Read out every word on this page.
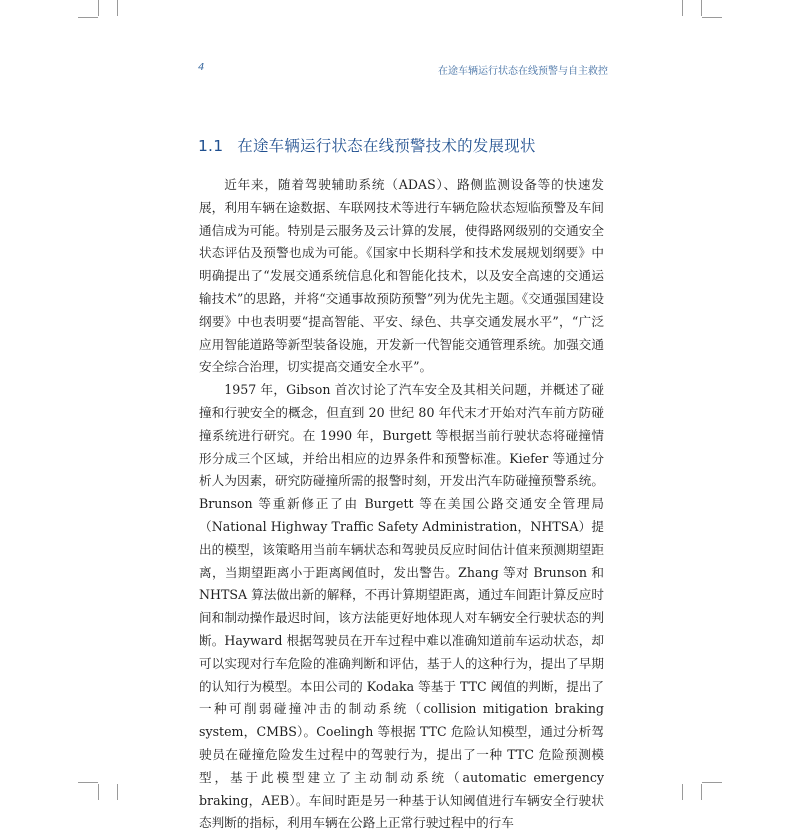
4	在途车辆运行状态在线预警与自主救控
1.1 在途车辆运行状态在线预警技术的发展现状

近年来，随着驾驶辅助系统（ADAS）、路侧监测设备等的快速发展，利用车辆在途数据、车联网技术等进行车辆危险状态短临预警及车间通信成为可能。特别是云服务及云计算的发展，使得路网级别的交通安全状态评估及预警也成为可能。《国家中长期科学和技术发展规划纲要》中明确提出了“发展交通系统信息化和智能化技术，以及安全高速的交通运输技术”的思路，并将“交通事故预防预警”列为优先主题。《交通强国建设纲要》中也表明要“提高智能、平安、绿色、共享交通发展水平”，“广泛应用智能道路等新型装备设施，开发新一代智能交通管理系统。加强交通安全综合治理，切实提高交通安全水平”。

1957 年，Gibson 首次讨论了汽车安全及其相关问题，并概述了碰撞和行驶安全的概念，但直到 20 世纪 80 年代末才开始对汽车前方防碰撞系统进行研究。在 1990 年，Burgett 等根据当前行驶状态将碰撞情形分成三个区域，并给出相应的边界条件和预警标准。Kiefer 等通过分析人为因素，研究防碰撞所需的报警时刻，开发出汽车防碰撞预警系统。Brunson 等重新修正了由 Burgett 等在美国公路交通安全管理局（National Highway Traffic Safety Administration，NHTSA）提出的模型，该策略用当前车辆状态和驾驶员反应时间估计值来预测期望距离，当期望距离小于距离阈值时，发出警告。Zhang 等对 Brunson 和 NHTSA 算法做出新的解释，不再计算期望距离，通过车间距计算反应时间和制动操作最迟时间，该方法能更好地体现人对车辆安全行驶状态的判断。Hayward 根据驾驶员在开车过程中难以准确知道前车运动状态，却可以实现对行车危险的准确判断和评估，基于人的这种行为，提出了早期的认知行为模型。本田公司的 Kodaka 等基于 TTC 阈值的判断，提出了一种可削弱碰撞冲击的制动系统（collision mitigation braking system，CMBS）。Coelingh 等根据 TTC 危险认知模型，通过分析驾驶员在碰撞危险发生过程中的驾驶行为，提出了一种 TTC 危险预测模型，基于此模型建立了主动制动系统（automatic emergency braking，AEB）。车间时距是另一种基于认知阈值进行车辆安全行驶状态判断的指标，利用车辆在公路上正常行驶过程中的行车
